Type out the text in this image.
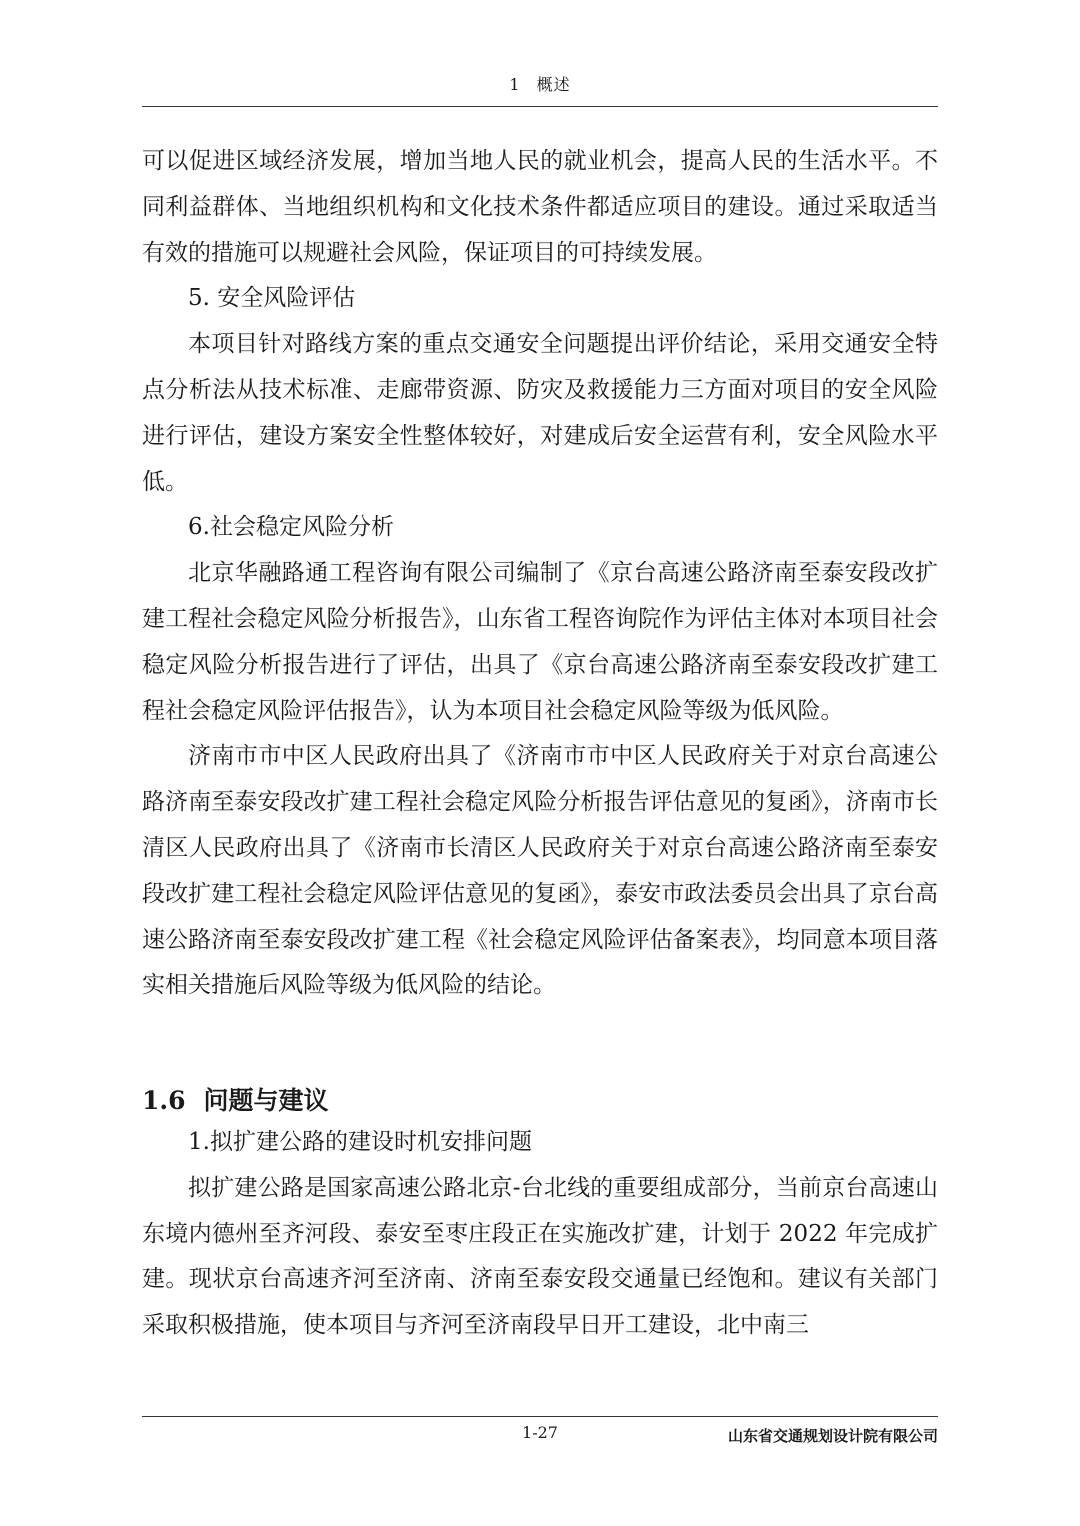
1 概述

可以促进区域经济发展，增加当地人民的就业机会，提高人民的生活水平。不同利益群体、当地组织机构和文化技术条件都适应项目的建设。通过采取适当有效的措施可以规避社会风险，保证项目的可持续发展。

5. 安全风险评估

本项目针对路线方案的重点交通安全问题提出评价结论，采用交通安全特点分析法从技术标准、走廊带资源、防灾及救援能力三方面对项目的安全风险进行评估，建设方案安全性整体较好，对建成后安全运营有利，安全风险水平低。

6.社会稳定风险分析

北京华融路通工程咨询有限公司编制了《京台高速公路济南至泰安段改扩建工程社会稳定风险分析报告》，山东省工程咨询院作为评估主体对本项目社会稳定风险分析报告进行了评估，出具了《京台高速公路济南至泰安段改扩建工程社会稳定风险评估报告》，认为本项目社会稳定风险等级为低风险。

济南市市中区人民政府出具了《济南市市中区人民政府关于对京台高速公路济南至泰安段改扩建工程社会稳定风险分析报告评估意见的复函》，济南市长清区人民政府出具了《济南市长清区人民政府关于对京台高速公路济南至泰安段改扩建工程社会稳定风险评估意见的复函》，泰安市政法委员会出具了京台高速公路济南至泰安段改扩建工程《社会稳定风险评估备案表》，均同意本项目落实相关措施后风险等级为低风险的结论。

1.6 问题与建议

1.拟扩建公路的建设时机安排问题

拟扩建公路是国家高速公路北京-台北线的重要组成部分，当前京台高速山东境内德州至齐河段、泰安至枣庄段正在实施改扩建，计划于 2022 年完成扩建。现状京台高速齐河至济南、济南至泰安段交通量已经饱和。建议有关部门采取积极措施，使本项目与齐河至济南段早日开工建设，北中南三

1-27	山东省交通规划设计院有限公司
